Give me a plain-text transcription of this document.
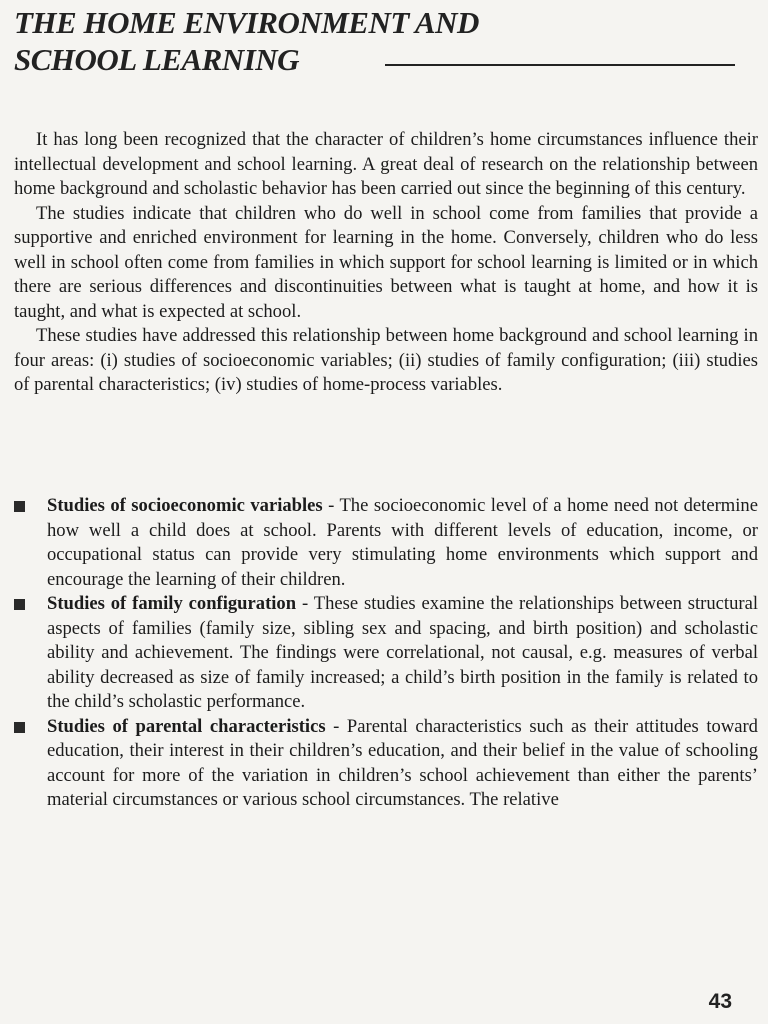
THE HOME ENVIRONMENT AND
SCHOOL LEARNING

It has long been recognized that the character of children’s home circumstances influence their intellectual development and school learning. A great deal of research on the relationship between home background and scholastic behavior has been carried out since the beginning of this century.

The studies indicate that children who do well in school come from families that provide a supportive and enriched environment for learning in the home. Conversely, children who do less well in school often come from families in which support for school learning is limited or in which there are serious differences and discontinuities between what is taught at home, and how it is taught, and what is expected at school.

These studies have addressed this relationship between home background and school learning in four areas: (i) studies of socioeconomic variables; (ii) studies of family configuration; (iii) studies of parental characteristics; (iv) studies of home-process variables.

Studies of socioeconomic variables - The socioeconomic level of a home need not determine how well a child does at school. Parents with different levels of education, income, or occupational status can provide very stimulating home environments which support and encourage the learning of their children.
Studies of family configuration - These studies examine the relationships between structural aspects of families (family size, sibling sex and spacing, and birth position) and scholastic ability and achievement. The findings were correlational, not causal, e.g. measures of verbal ability decreased as size of family increased; a child’s birth position in the family is related to the child’s scholastic performance.
Studies of parental characteristics - Parental characteristics such as their attitudes toward education, their interest in their children’s education, and their belief in the value of schooling account for more of the variation in children’s school achievement than either the parents’ material circumstances or various school circumstances. The relative
43
